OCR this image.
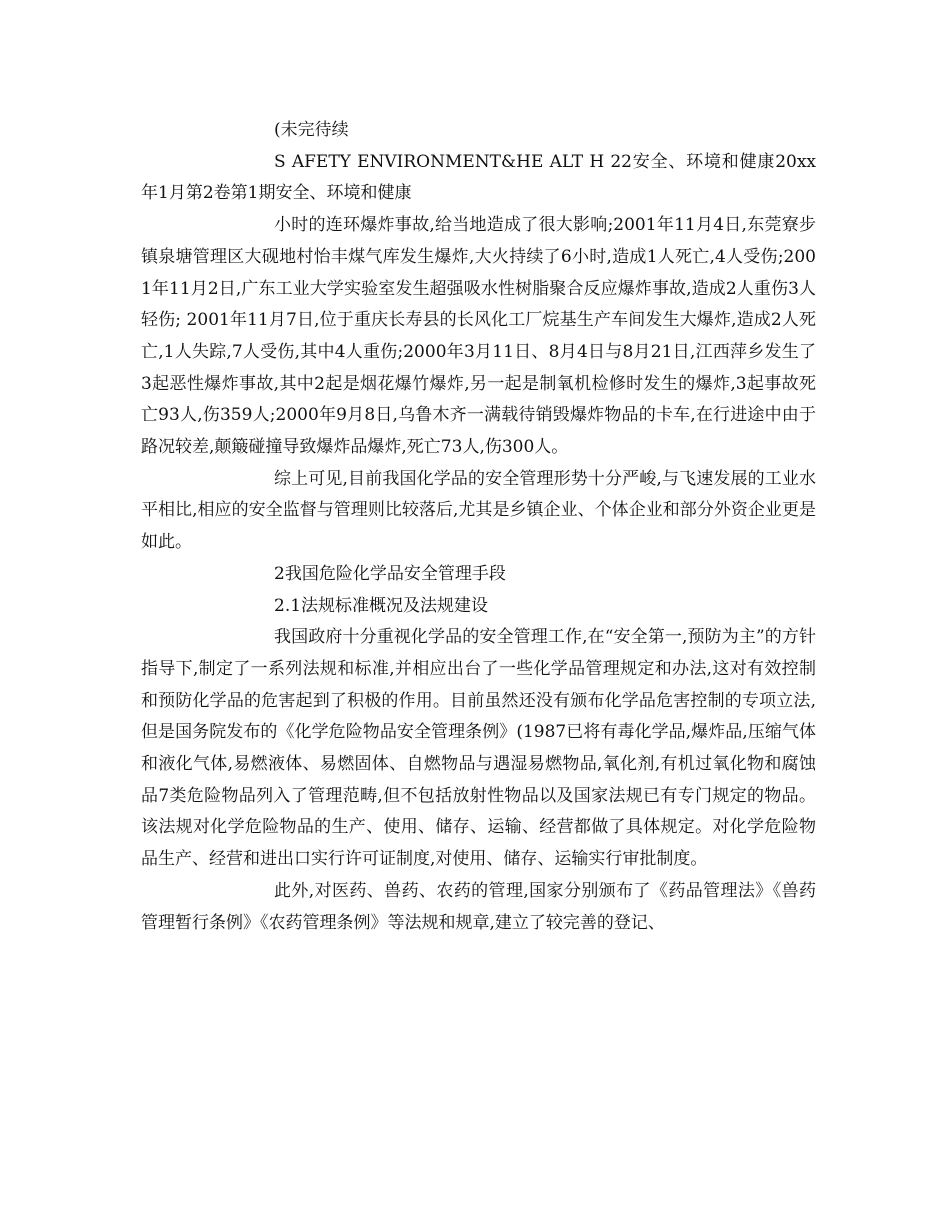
(未完待续

S AFETY ENVIRONMENT&HE ALT H 22安全、环境和健康20xx年1月第2卷第1期安全、环境和健康

小时的连环爆炸事故,给当地造成了很大影响;2001年11月4日,东莞寮步镇泉塘管理区大砚地村怡丰煤气库发生爆炸,大火持续了6小时,造成1人死亡,4人受伤;2001年11月2日,广东工业大学实验室发生超强吸水性树脂聚合反应爆炸事故,造成2人重伤3人轻伤; 2001年11月7日,位于重庆长寿县的长风化工厂烷基生产车间发生大爆炸,造成2人死亡,1人失踪,7人受伤,其中4人重伤;2000年3月11日、8月4日与8月21日,江西萍乡发生了3起恶性爆炸事故,其中2起是烟花爆竹爆炸,另一起是制氧机检修时发生的爆炸,3起事故死亡93人,伤359人;2000年9月8日,乌鲁木齐一满载待销毁爆炸物品的卡车,在行进途中由于路况较差,颠簸碰撞导致爆炸品爆炸,死亡73人,伤300人。

综上可见,目前我国化学品的安全管理形势十分严峻,与飞速发展的工业水平相比,相应的安全监督与管理则比较落后,尤其是乡镇企业、个体企业和部分外资企业更是如此。

2我国危险化学品安全管理手段

2.1法规标准概况及法规建设

我国政府十分重视化学品的安全管理工作,在“安全第一,预防为主”的方针指导下,制定了一系列法规和标准,并相应出台了一些化学品管理规定和办法,这对有效控制和预防化学品的危害起到了积极的作用。目前虽然还没有颁布化学品危害控制的专项立法,但是国务院发布的《化学危险物品安全管理条例》(1987已将有毒化学品,爆炸品,压缩气体和液化气体,易燃液体、易燃固体、自燃物品与遇湿易燃物品,氧化剂,有机过氧化物和腐蚀品7类危险物品列入了管理范畴,但不包括放射性物品以及国家法规已有专门规定的物品。该法规对化学危险物品的生产、使用、储存、运输、经营都做了具体规定。对化学危险物品生产、经营和进出口实行许可证制度,对使用、储存、运输实行审批制度。

此外,对医药、兽药、农药的管理,国家分别颁布了《药品管理法》《兽药管理暂行条例》《农药管理条例》等法规和规章,建立了较完善的登记、
